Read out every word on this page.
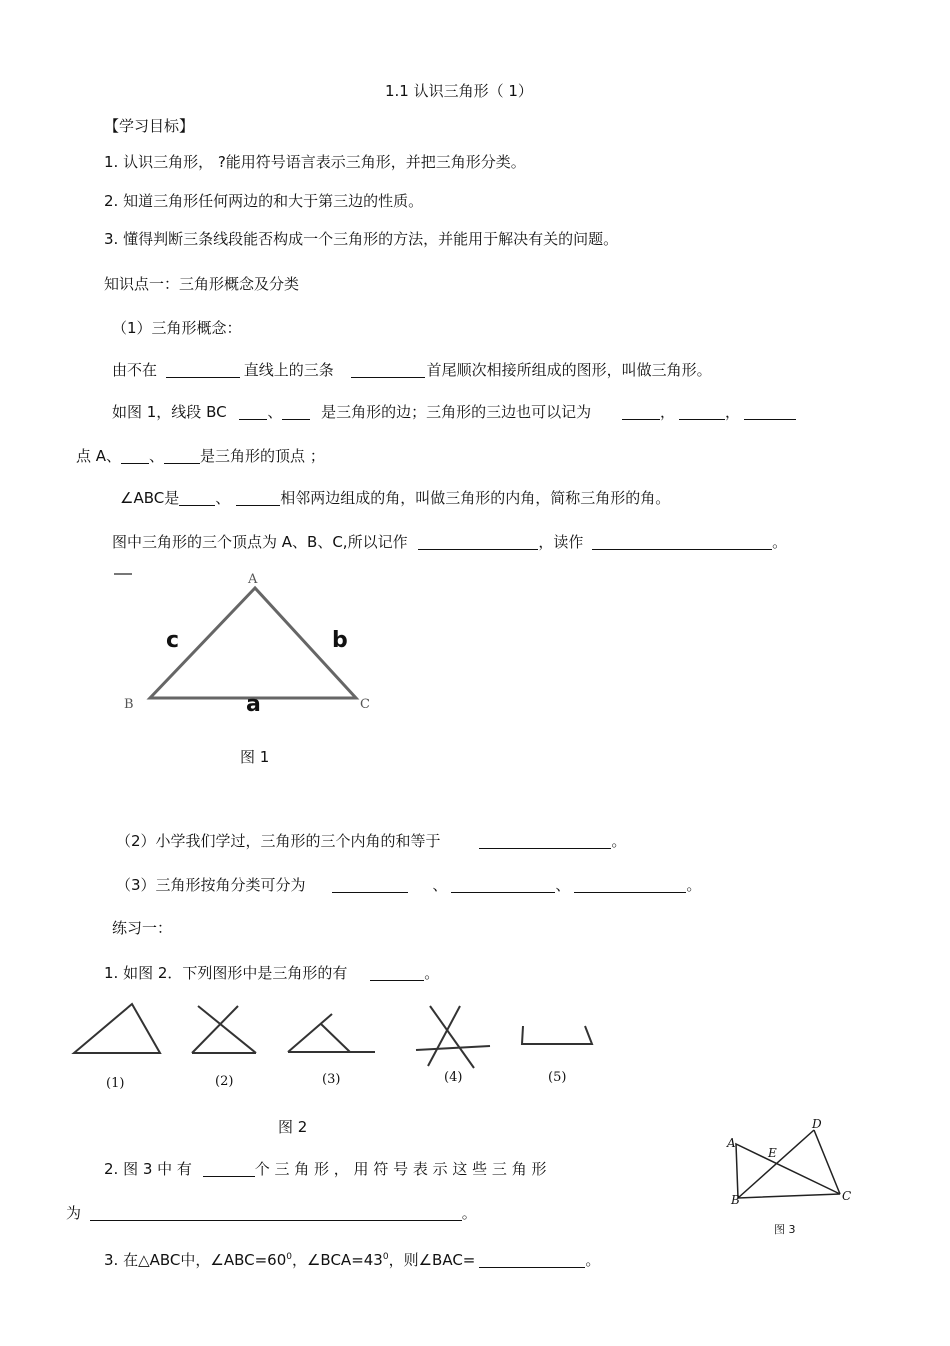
1.1 认识三角形（ 1）
【学习目标】
1. 认识三角形， ?能用符号语言表示三角形，并把三角形分类。
2. 知道三角形任何两边的和大于第三边的性质。
3. 懂得判断三条线段能否构成一个三角形的方法，并能用于解决有关的问题。
知识点一：三角形概念及分类
（1）三角形概念：
由不在	直线上的三条	首尾顺次相接所组成的图形，叫做三角形。
如图 1，线段 BC	、	是三角形的边；三角形的三边也可以记为	，	，
点 A、 、 是三角形的顶点 ；
∠ABC是 、	相邻两边组成的角，叫做三角形的内角，简称三角形的角。
图中三角形的三个顶点为 A、B、C,所以记作	，读作	。
A
B	C
c	b
a
图 1
（2）小学我们学过，三角形的三个内角的和等于	。
（3）三角形按角分类可分为	、	、	。
练习一：
1. 如图 2．下列图形中是三角形的有	。
(1)	(2)	(3)	(4)	(5)
图 2
2. 图 3 中 有	个 三 角 形 ， 用 符 号 表 示 这 些 三 角 形
为	。
A
B	C
D
E
图 3
3. 在△ABC中，$\angle ABC=60^0$，$\angle BCA=43^0$，则∠BAC=	。
